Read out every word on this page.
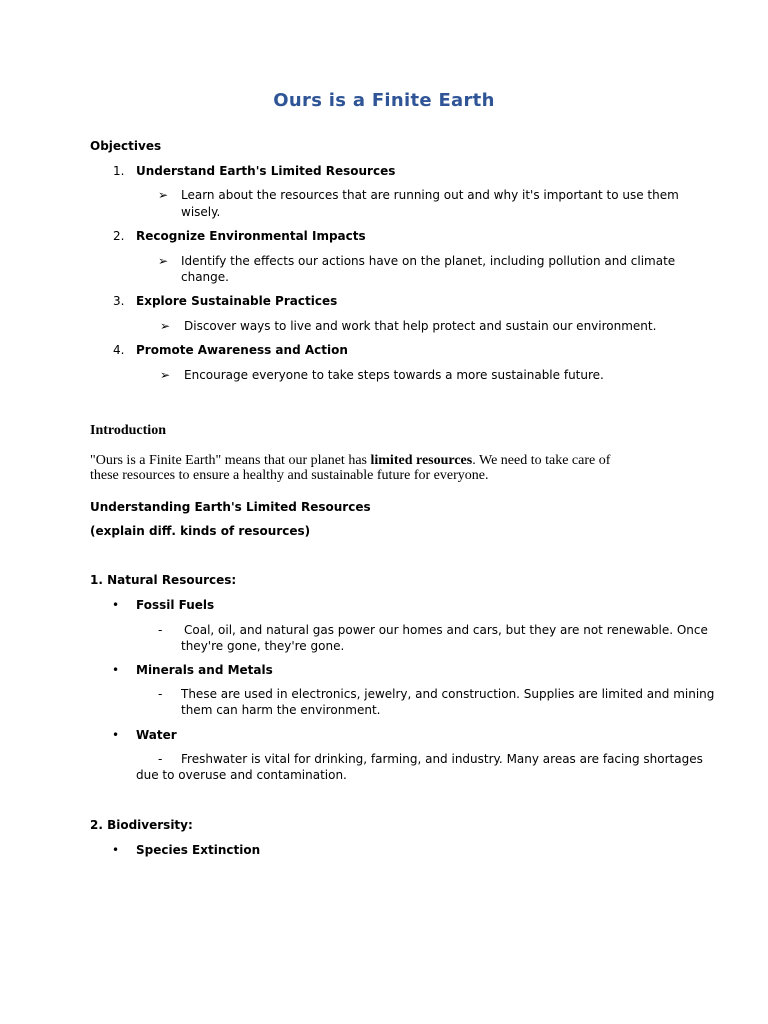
Ours is a Finite Earth
Objectives
1. Understand Earth's Limited Resources
➢ Learn about the resources that are running out and why it's important to use them
wisely.
2. Recognize Environmental Impacts
➢ Identify the effects our actions have on the planet, including pollution and climate
change.
3. Explore Sustainable Practices
➢ Discover ways to live and work that help protect and sustain our environment.
4. Promote Awareness and Action
➢ Encourage everyone to take steps towards a more sustainable future.
Introduction
"Ours is a Finite Earth" means that our planet has limited resources. We need to take care of
these resources to ensure a healthy and sustainable future for everyone.
Understanding Earth's Limited Resources
(explain diff. kinds of resources)
1. Natural Resources:
• Fossil Fuels
- Coal, oil, and natural gas power our homes and cars, but they are not renewable. Once
they're gone, they're gone.
• Minerals and Metals
- These are used in electronics, jewelry, and construction. Supplies are limited and mining
them can harm the environment.
• Water
- Freshwater is vital for drinking, farming, and industry. Many areas are facing shortages
due to overuse and contamination.
2. Biodiversity:
• Species Extinction
